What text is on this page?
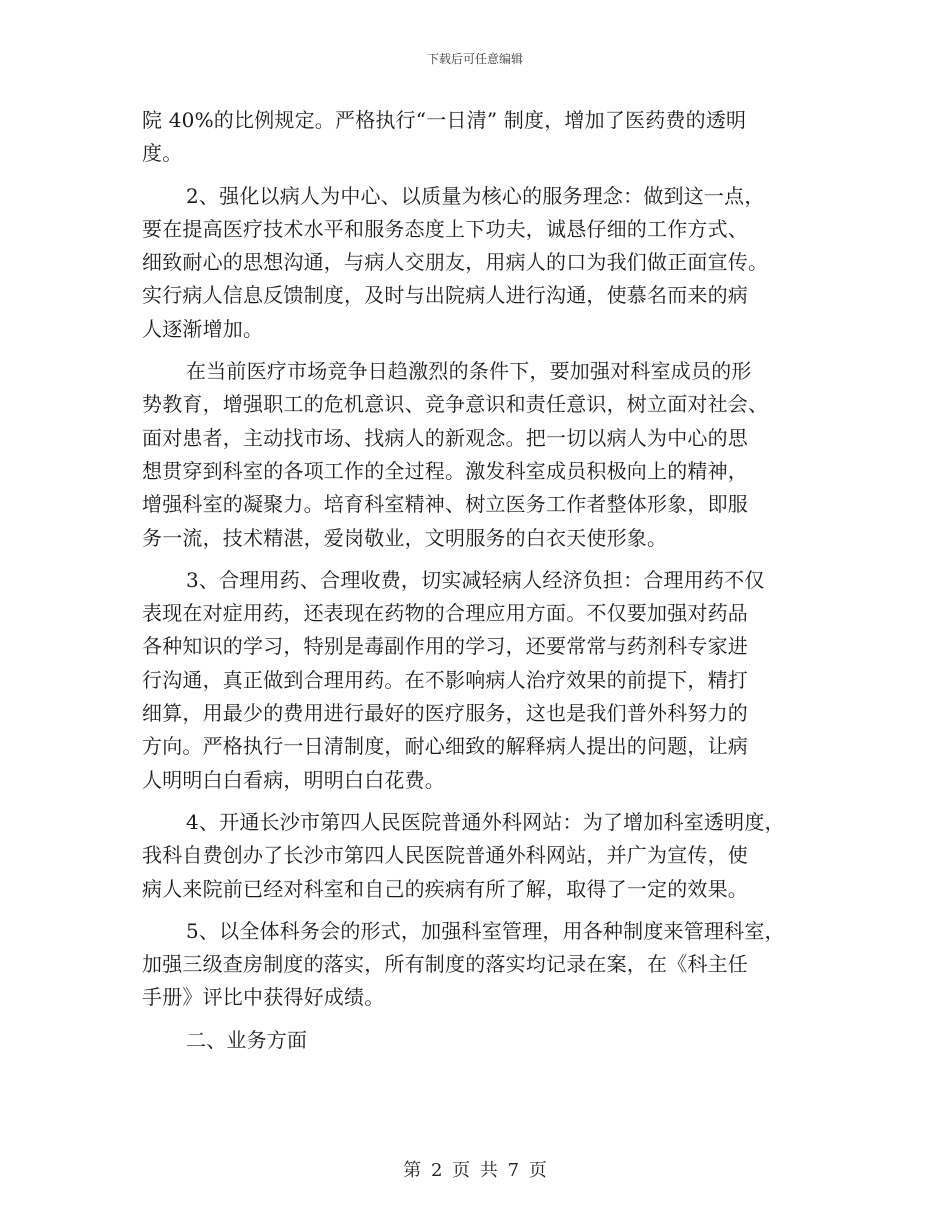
下载后可任意编辑
院 40%的比例规定。严格执行“一日清” 制度，增加了医药费的透明
度。
2、强化以病人为中心、以质量为核心的服务理念：做到这一点，
要在提高医疗技术水平和服务态度上下功夫，诚恳仔细的工作方式、
细致耐心的思想沟通，与病人交朋友，用病人的口为我们做正面宣传。
实行病人信息反馈制度，及时与出院病人进行沟通，使慕名而来的病
人逐渐增加。
在当前医疗市场竞争日趋激烈的条件下，要加强对科室成员的形
势教育，增强职工的危机意识、竞争意识和责任意识，树立面对社会、
面对患者，主动找市场、找病人的新观念。把一切以病人为中心的思
想贯穿到科室的各项工作的全过程。激发科室成员积极向上的精神，
增强科室的凝聚力。培育科室精神、树立医务工作者整体形象，即服
务一流，技术精湛，爱岗敬业，文明服务的白衣天使形象。
3、合理用药、合理收费，切实减轻病人经济负担：合理用药不仅
表现在对症用药，还表现在药物的合理应用方面。不仅要加强对药品
各种知识的学习，特别是毒副作用的学习，还要常常与药剂科专家进
行沟通，真正做到合理用药。在不影响病人治疗效果的前提下，精打
细算，用最少的费用进行最好的医疗服务，这也是我们普外科努力的
方向。严格执行一日清制度，耐心细致的解释病人提出的问题，让病
人明明白白看病，明明白白花费。
4、开通长沙市第四人民医院普通外科网站：为了增加科室透明度，
我科自费创办了长沙市第四人民医院普通外科网站，并广为宣传，使
病人来院前已经对科室和自己的疾病有所了解，取得了一定的效果。
5、以全体科务会的形式，加强科室管理，用各种制度来管理科室，
加强三级查房制度的落实，所有制度的落实均记录在案，在《科主任
手册》评比中获得好成绩。
二、业务方面
第 2 页 共 7 页
